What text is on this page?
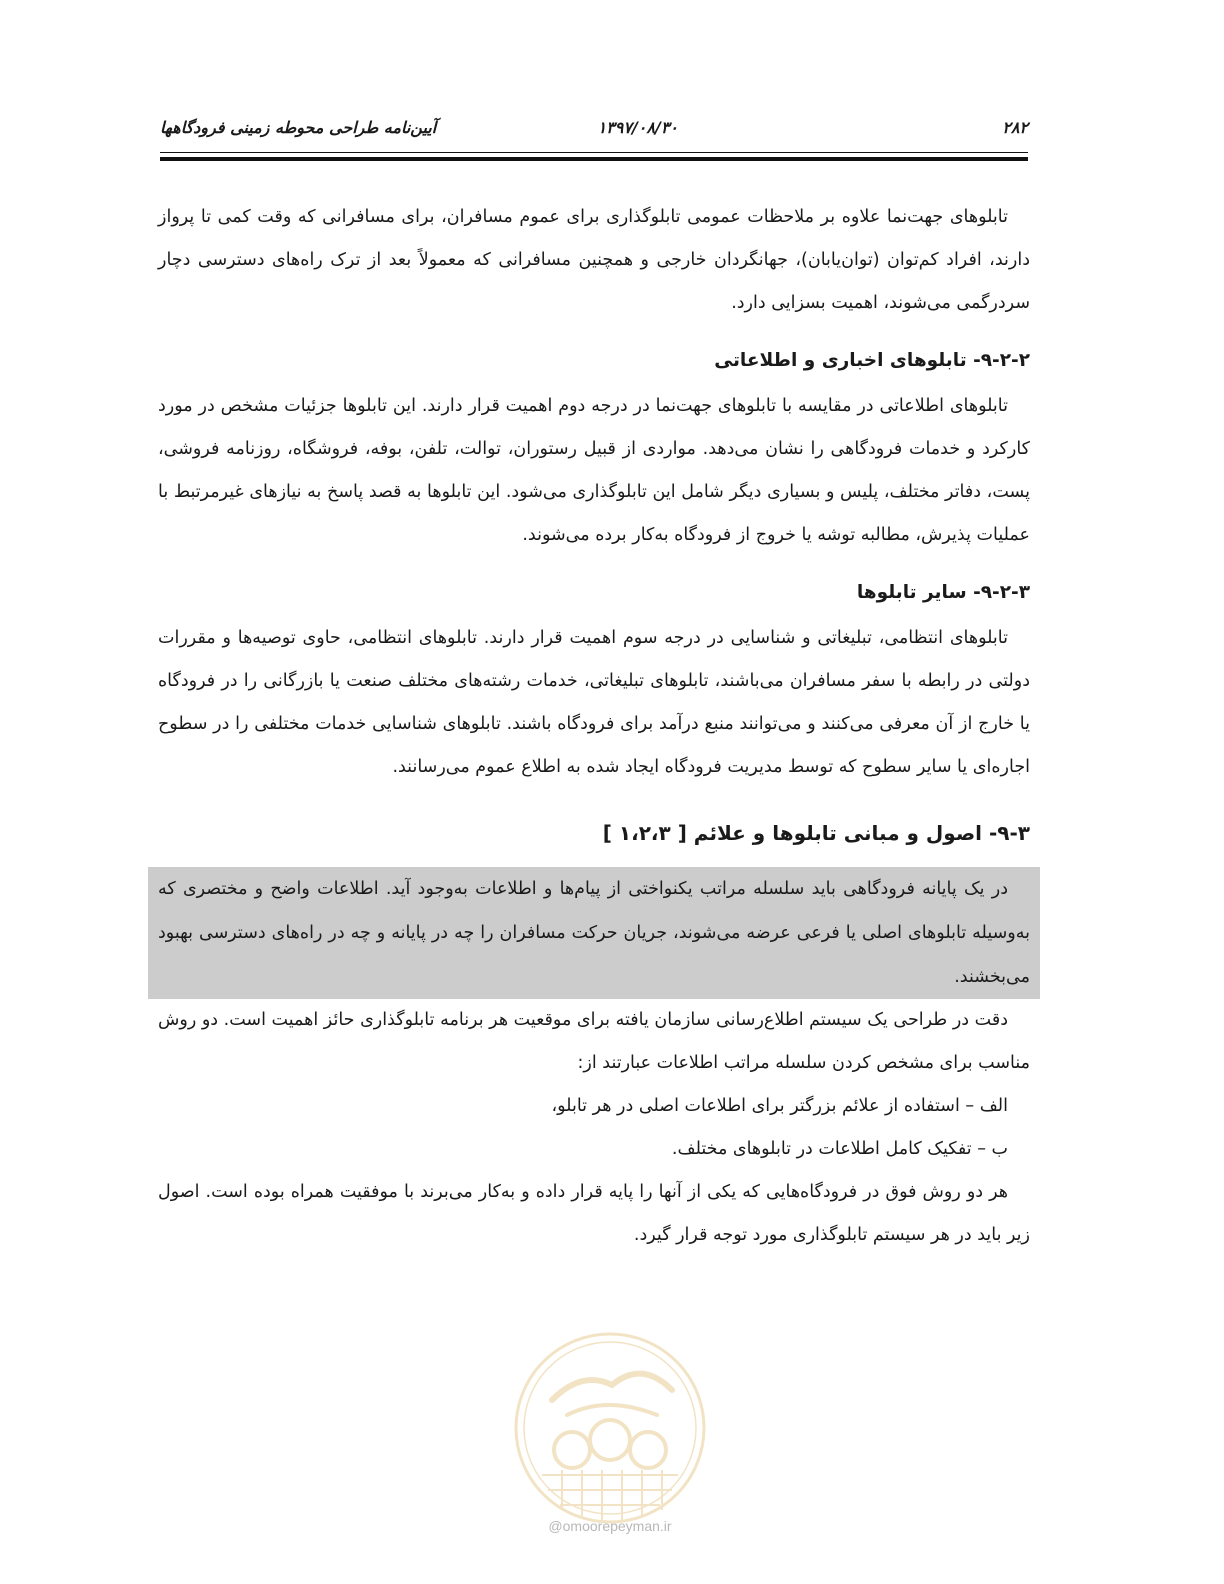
۲۸۲
۱۳۹۷/۰۸/۳۰
آیین‌نامه طراحی محوطه زمینی فرودگاهها

تابلوهای جهت‌نما علاوه بر ملاحظات عمومی تابلوگذاری برای عموم مسافران، برای مسافرانی که وقت کمی تا پرواز دارند، افراد کم‌توان (توان‌یابان)، جهانگردان خارجی و همچنین مسافرانی که معمولاً بعد از ترک راه‌های دسترسی دچار سردرگمی می‌شوند، اهمیت بسزایی دارد.

۹-۲-۲- تابلوهای اخباری و اطلاعاتی

تابلوهای اطلاعاتی در مقایسه با تابلوهای جهت‌نما در درجه دوم اهمیت قرار دارند. این تابلوها جزئیات مشخص در مورد کارکرد و خدمات فرودگاهی را نشان می‌دهد. مواردی از قبیل رستوران، توالت، تلفن، بوفه، فروشگاه، روزنامه فروشی، پست، دفاتر مختلف، پلیس و بسیاری دیگر شامل این تابلوگذاری می‌شود. این تابلوها به قصد پاسخ به نیازهای غیرمرتبط با عملیات پذیرش، مطالبه توشه یا خروج از فرودگاه به‌کار برده می‌شوند.

۹-۲-۳- سایر تابلوها

تابلوهای انتظامی، تبلیغاتی و شناسایی در درجه سوم اهمیت قرار دارند. تابلوهای انتظامی، حاوی توصیه‌ها و مقررات دولتی در رابطه با سفر مسافران می‌باشند، تابلوهای تبلیغاتی، خدمات رشته‌های مختلف صنعت یا بازرگانی را در فرودگاه یا خارج از آن معرفی می‌کنند و می‌توانند منبع درآمد برای فرودگاه باشند. تابلوهای شناسایی خدمات مختلفی را در سطوح اجاره‌ای یا سایر سطوح که توسط مدیریت فرودگاه ایجاد شده به اطلاع عموم می‌رسانند.

۹-۳- اصول و مبانی تابلوها و علائم [ ۱،۲،۳ ]

در یک پایانه فرودگاهی باید سلسله مراتب یکنواختی از پیام‌ها و اطلاعات به‌وجود آید. اطلاعات واضح و مختصری که به‌وسیله تابلوهای اصلی یا فرعی عرضه می‌شوند، جریان حرکت مسافران را چه در پایانه و چه در راه‌های دسترسی بهبود می‌بخشند.

دقت در طراحی یک سیستم اطلاع‌رسانی سازمان یافته برای موقعیت هر برنامه تابلوگذاری حائز اهمیت است. دو روش مناسب برای مشخص کردن سلسله مراتب اطلاعات عبارتند از:

الف – استفاده از علائم بزرگتر برای اطلاعات اصلی در هر تابلو،

ب – تفکیک کامل اطلاعات در تابلوهای مختلف.

هر دو روش فوق در فرودگاه‌هایی که یکی از آنها را پایه قرار داده و به‌کار می‌برند با موفقیت همراه بوده است. اصول زیر باید در هر سیستم تابلوگذاری مورد توجه قرار گیرد.

@omoorepeyman.ir
